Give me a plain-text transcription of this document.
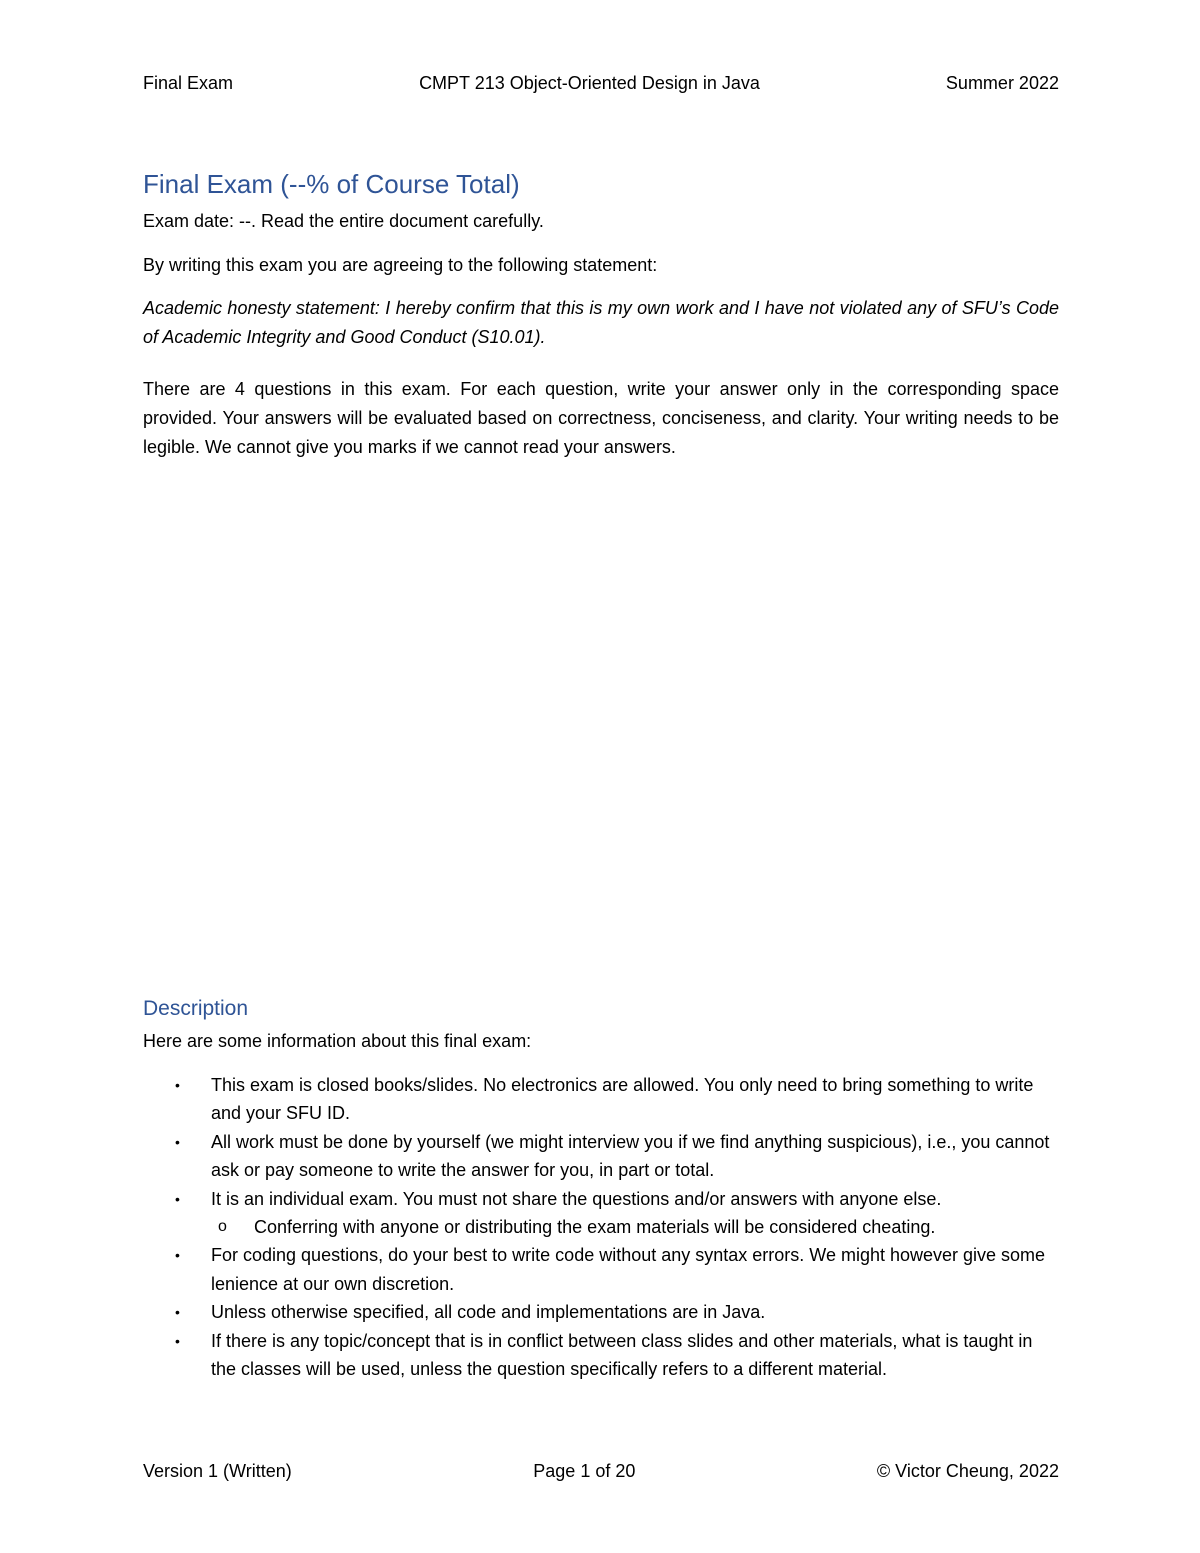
Final Exam	CMPT 213 Object-Oriented Design in Java	Summer 2022
Final Exam (--% of Course Total)

Exam date: --. Read the entire document carefully.

By writing this exam you are agreeing to the following statement:

Academic honesty statement: I hereby confirm that this is my own work and I have not violated any of SFU’s Code of Academic Integrity and Good Conduct (S10.01).

There are 4 questions in this exam. For each question, write your answer only in the corresponding space provided. Your answers will be evaluated based on correctness, conciseness, and clarity. Your writing needs to be legible. We cannot give you marks if we cannot read your answers.

Description

Here are some information about this final exam:

• This exam is closed books/slides. No electronics are allowed. You only need to bring something to write and your SFU ID.
• All work must be done by yourself (we might interview you if we find anything suspicious), i.e., you cannot ask or pay someone to write the answer for you, in part or total.
• It is an individual exam. You must not share the questions and/or answers with anyone else.
o Conferring with anyone or distributing the exam materials will be considered cheating.
• For coding questions, do your best to write code without any syntax errors. We might however give some lenience at our own discretion.
• Unless otherwise specified, all code and implementations are in Java.
• If there is any topic/concept that is in conflict between class slides and other materials, what is taught in the classes will be used, unless the question specifically refers to a different material.
Version 1 (Written)	Page 1 of 20	© Victor Cheung, 2022
